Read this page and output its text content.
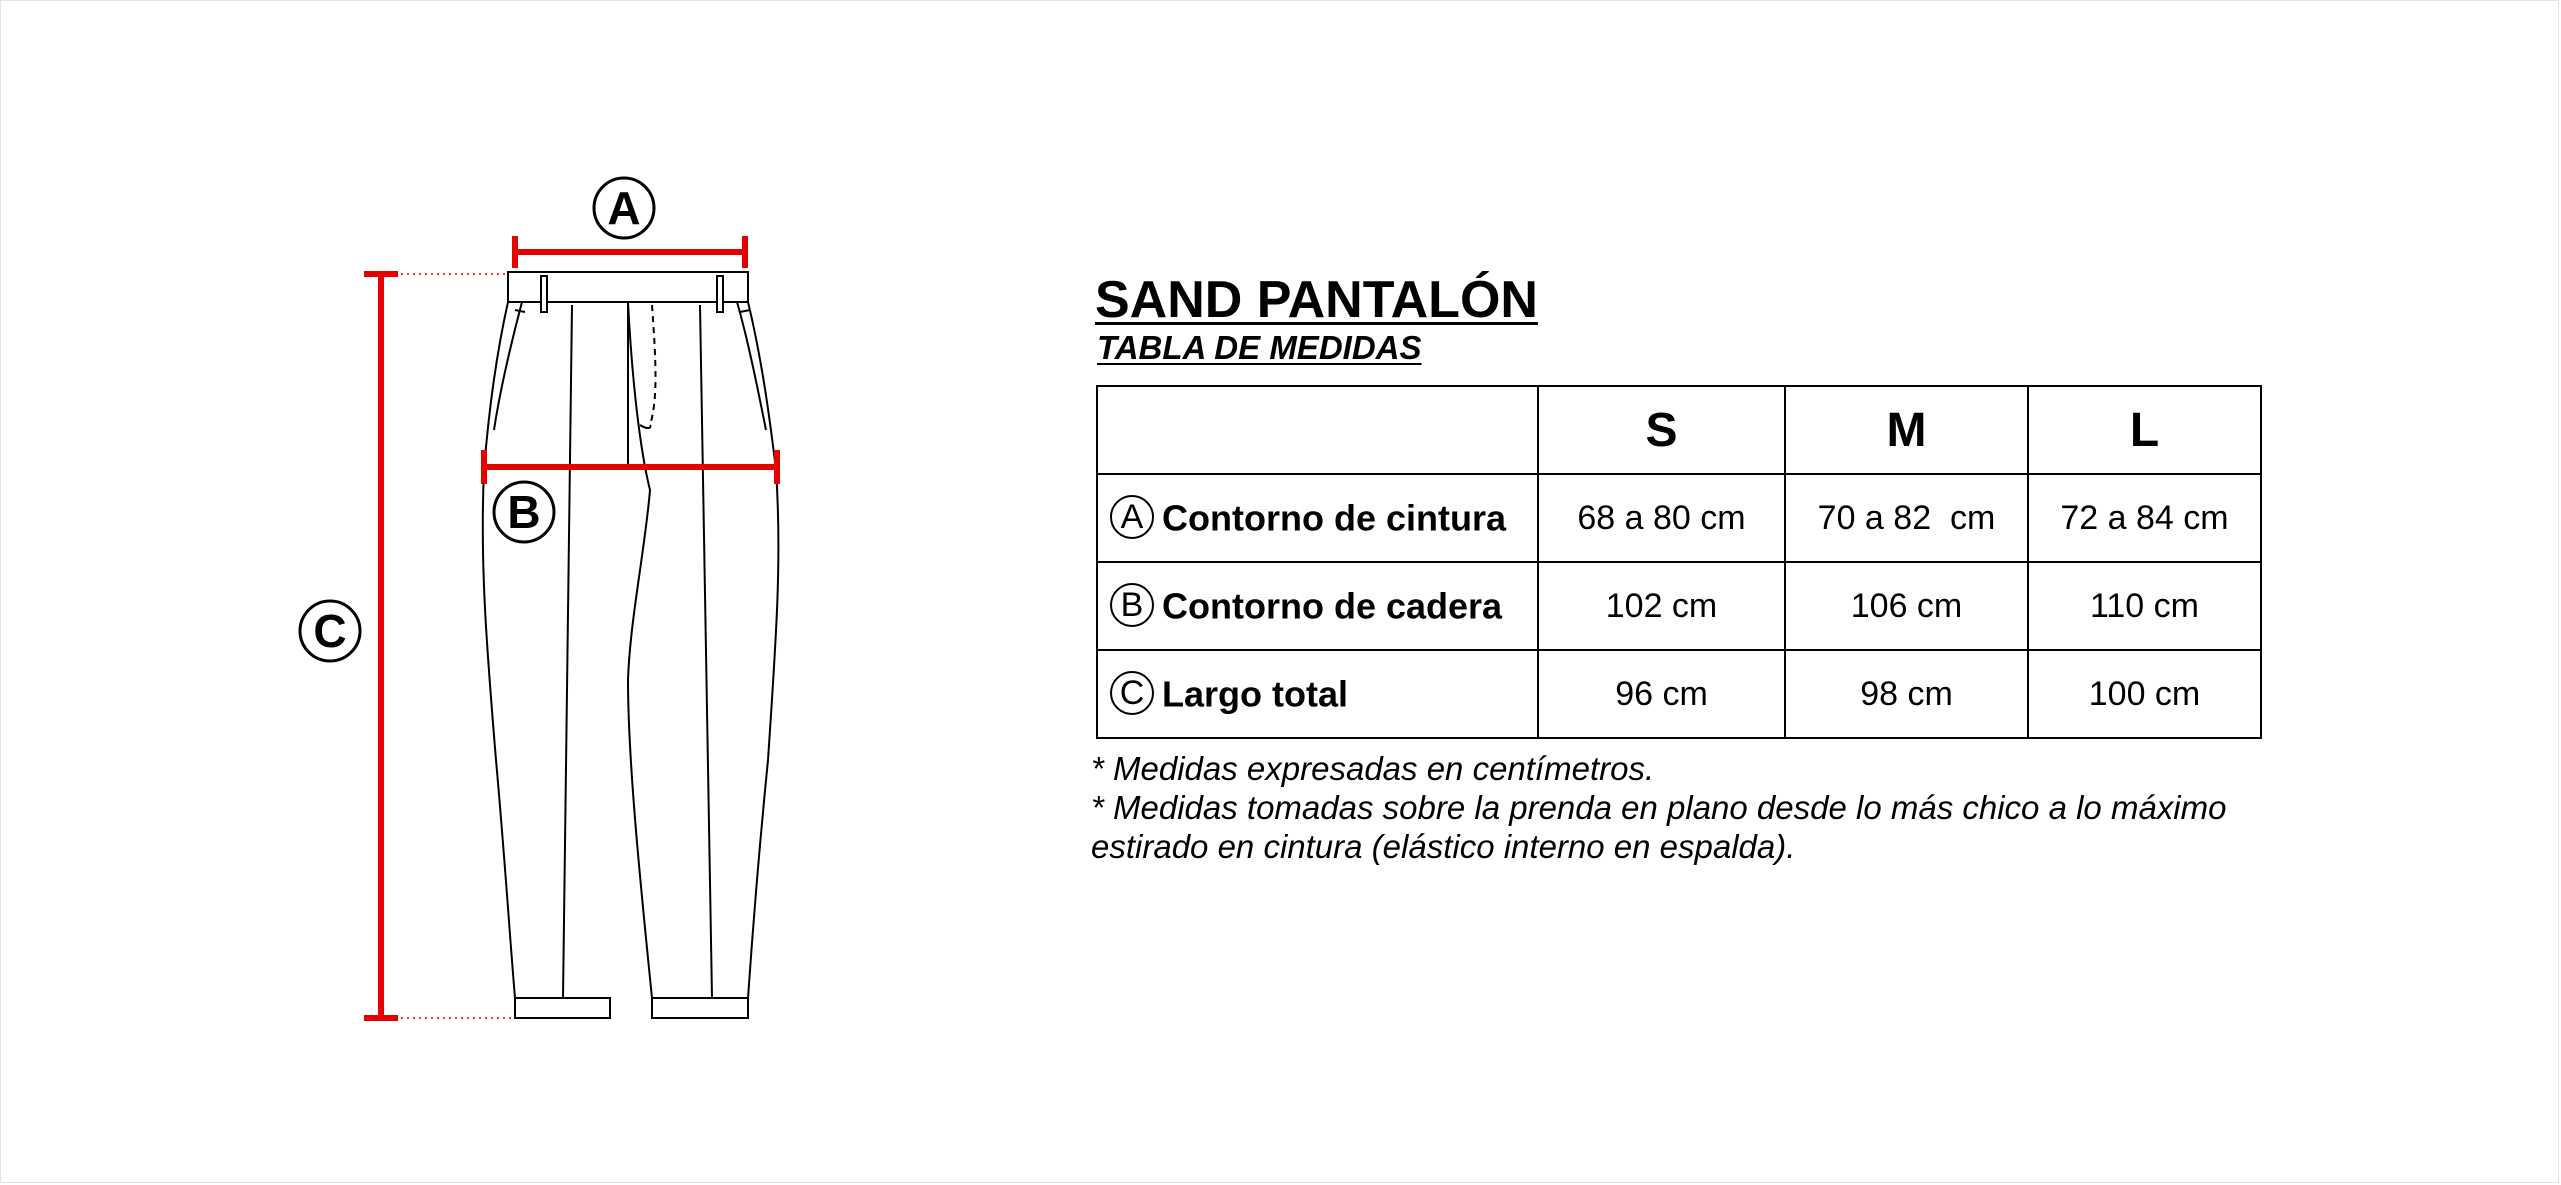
A
B
C
SAND PANTALÓN
TABLA DE MEDIDAS
	S	M	L
A Contorno de cintura	68 a 80 cm	70 a 82  cm	72 a 84 cm
B Contorno de cadera	102 cm	106 cm	110 cm
C Largo total	96 cm	98 cm	100 cm

* Medidas expresadas en centímetros.

* Medidas tomadas sobre la prenda en plano desde lo más chico a lo máximo

estirado en cintura (elástico interno en espalda).
